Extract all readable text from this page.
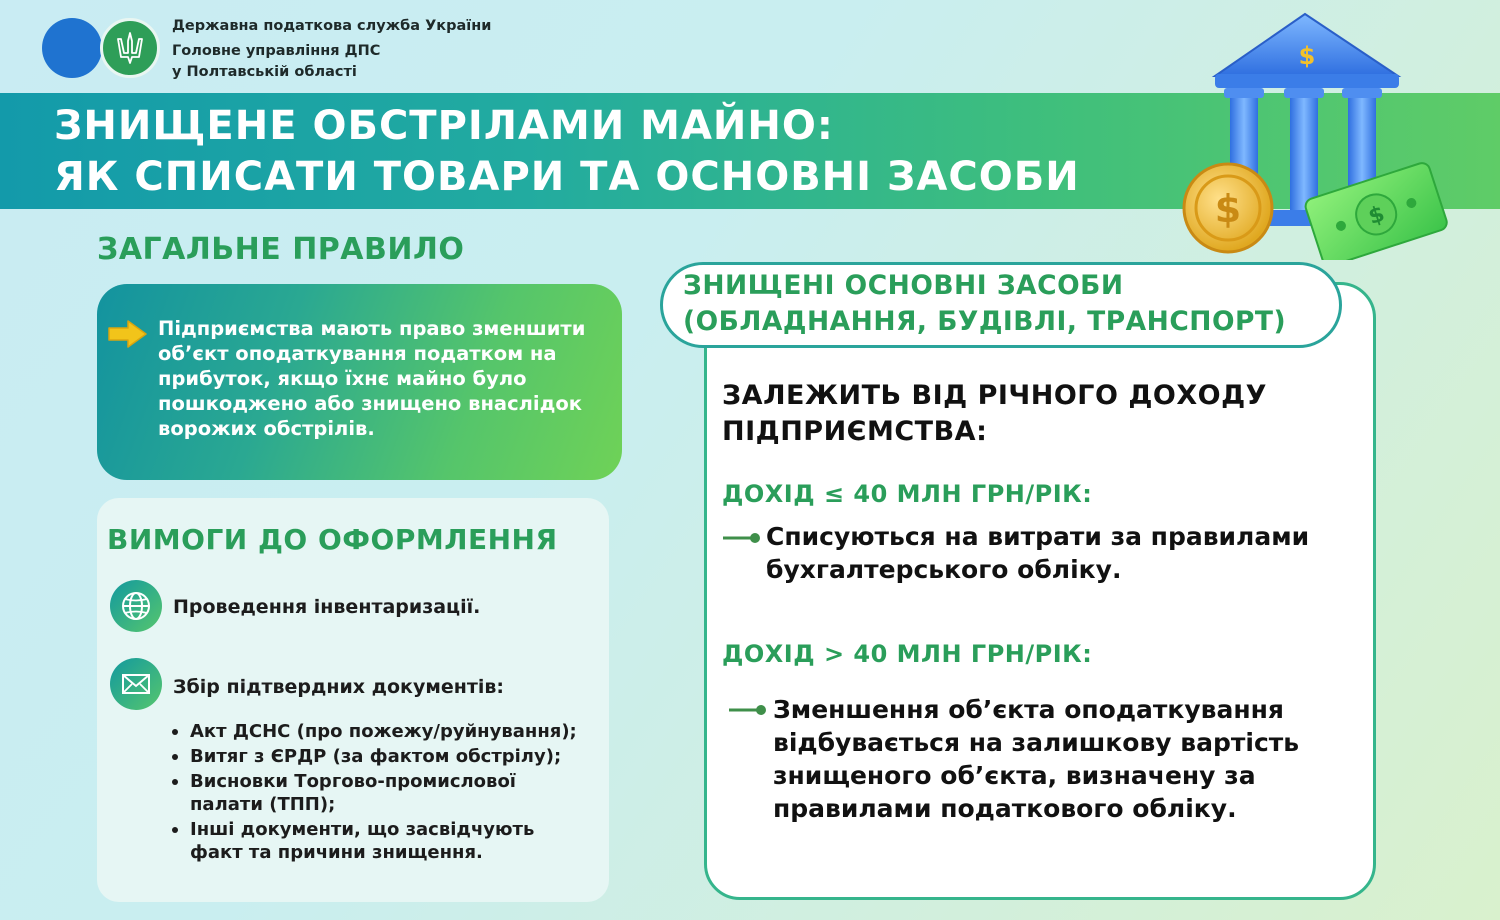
Державна податкова служба України
Головне управління ДПС
у Полтавській області
ЗНИЩЕНЕ ОБСТРІЛАМИ МАЙНО:
ЯК СПИСАТИ ТОВАРИ ТА ОСНОВНІ ЗАСОБИ
$
$
$
ЗАГАЛЬНЕ ПРАВИЛО
Підприємства мають право зменшити
об’єкт оподаткування податком на
прибуток, якщо їхнє майно було
пошкоджено або знищено внаслідок
ворожих обстрілів.
ВИМОГИ ДО ОФОРМЛЕННЯ
Проведення інвентаризації.
Збір підтвердних документів:
Акт ДСНС (про пожежу/руйнування);
Витяг з ЄРДР (за фактом обстрілу);
Висновки Торгово-промислової
палати (ТПП);
Інші документи, що засвідчують
факт та причини знищення.
ЗНИЩЕНІ ОСНОВНІ ЗАСОБИ
(ОБЛАДНАННЯ, БУДІВЛІ, ТРАНСПОРТ)
ЗАЛЕЖИТЬ ВІД РІЧНОГО ДОХОДУ
ПІДПРИЄМСТВА:
ДОХІД ≤ 40 МЛН ГРН/РІК:
Списуються на витрати за правилами
бухгалтерського обліку.
ДОХІД > 40 МЛН ГРН/РІК:
Зменшення об’єкта оподаткування
відбувається на залишкову вартість
знищеного об’єкта, визначену за
правилами податкового обліку.
